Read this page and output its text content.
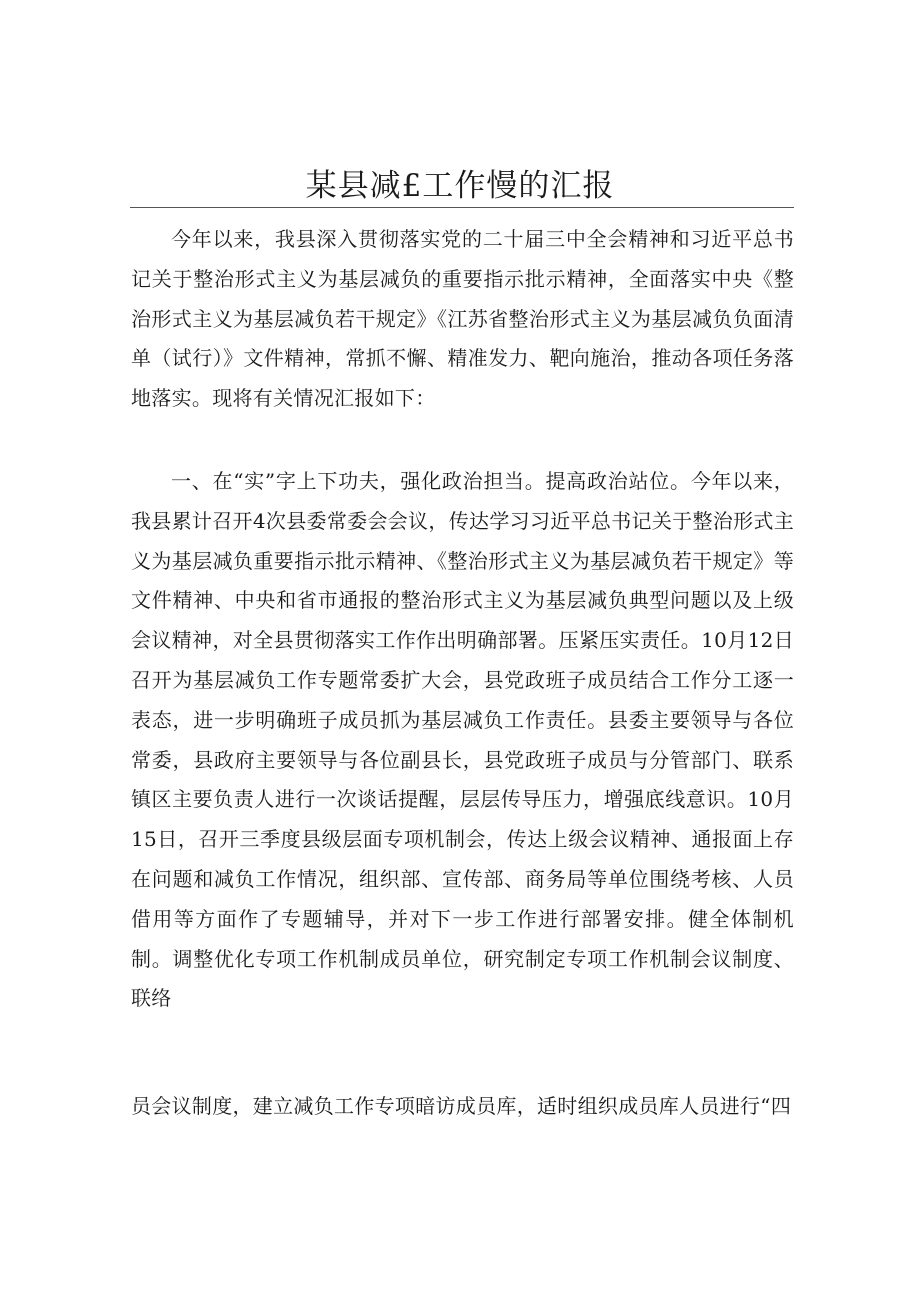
某县减£工作慢的汇报

今年以来，我县深入贯彻落实党的二十届三中全会精神和习近平总书记关于整治形式主义为基层减负的重要指示批示精神，全面落实中央《整治形式主义为基层减负若干规定》《江苏省整治形式主义为基层减负负面清单（试行）》文件精神，常抓不懈、精准发力、靶向施治，推动各项任务落地落实。现将有关情况汇报如下：

一、在“实”字上下功夫，强化政治担当。提高政治站位。今年以来，我县累计召开4次县委常委会会议，传达学习习近平总书记关于整治形式主义为基层减负重要指示批示精神、《整治形式主义为基层减负若干规定》等文件精神、中央和省市通报的整治形式主义为基层减负典型问题以及上级会议精神，对全县贯彻落实工作作出明确部署。压紧压实责任。10月12日召开为基层减负工作专题常委扩大会，县党政班子成员结合工作分工逐一表态，进一步明确班子成员抓为基层减负工作责任。县委主要领导与各位常委，县政府主要领导与各位副县长，县党政班子成员与分管部门、联系镇区主要负责人进行一次谈话提醒，层层传导压力，增强底线意识。10月15日，召开三季度县级层面专项机制会，传达上级会议精神、通报面上存在问题和减负工作情况，组织部、宣传部、商务局等单位围绕考核、人员借用等方面作了专题辅导，并对下一步工作进行部署安排。健全体制机制。调整优化专项工作机制成员单位，研究制定专项工作机制会议制度、联络

员会议制度，建立减负工作专项暗访成员库，适时组织成员库人员进行“四
